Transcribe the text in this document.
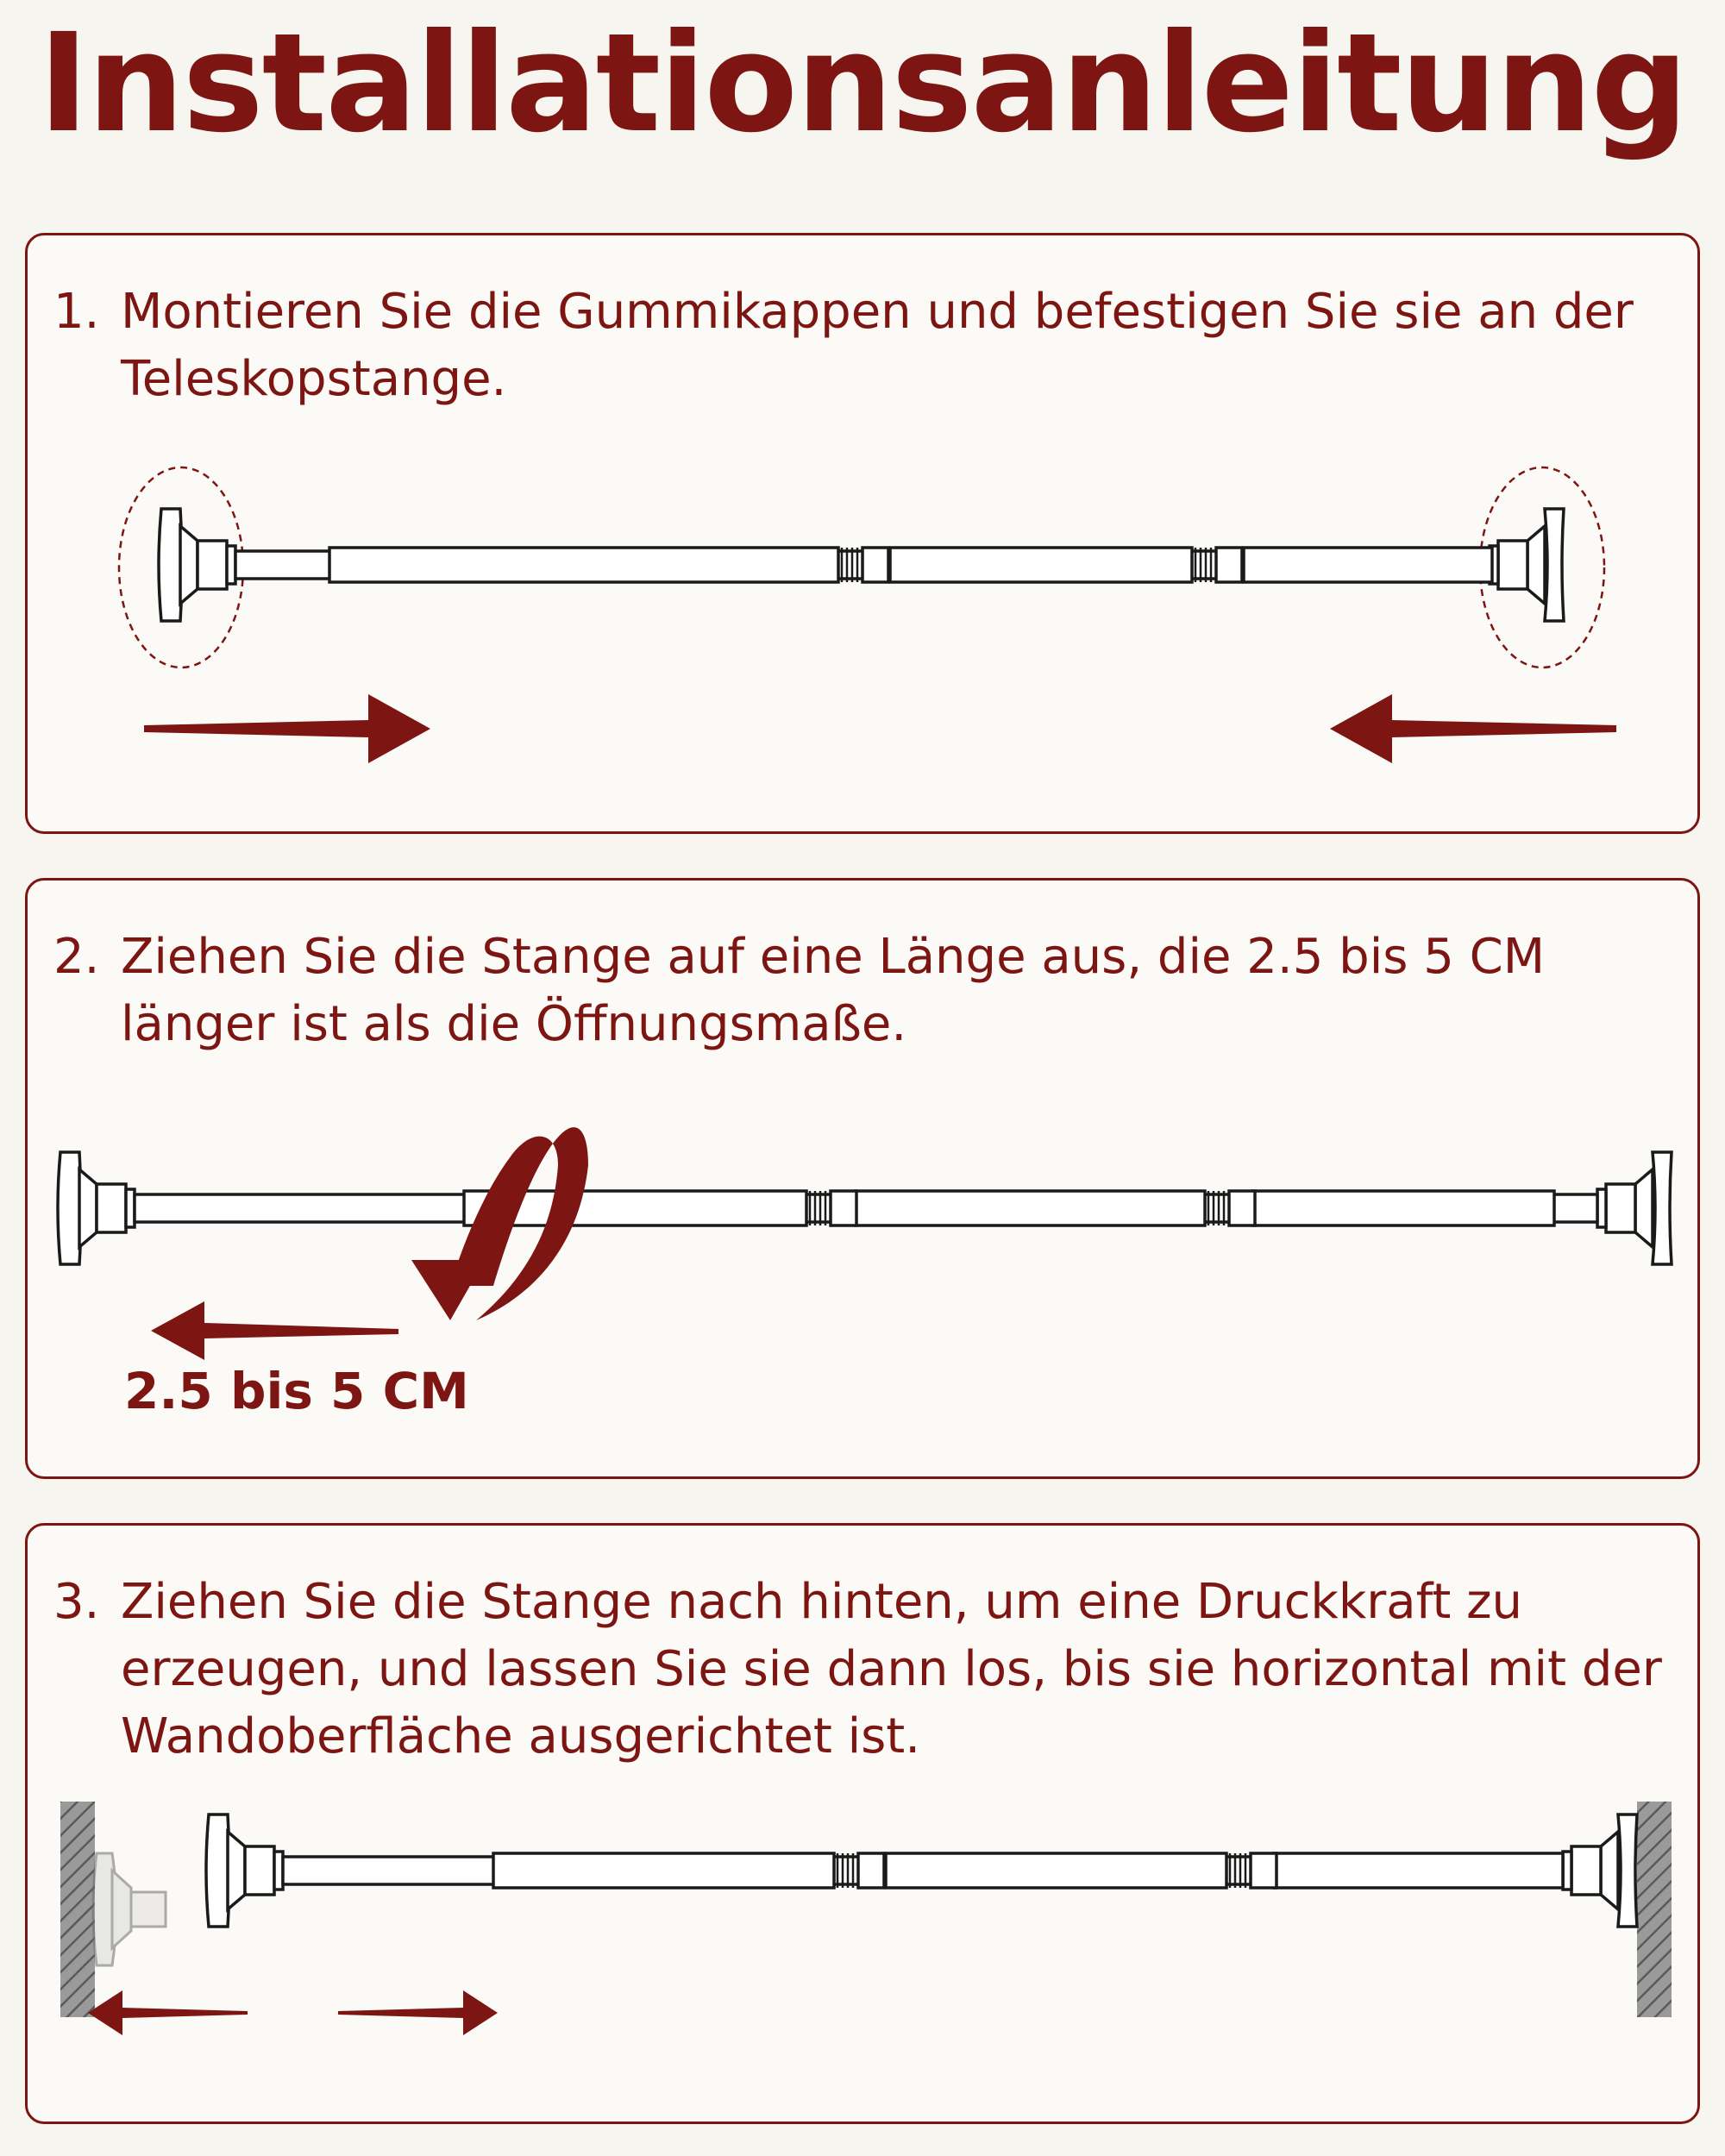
Installationsanleitung
1. Montieren Sie die Gummikappen und befestigen Sie sie an der Teleskopstange.
2. Ziehen Sie die Stange auf eine Länge aus, die 2.5 bis 5 CM länger ist als die Öffnungsmaße.
2.5 bis 5 CM
3. Ziehen Sie die Stange nach hinten, um eine Druckkraft zu erzeugen, und lassen Sie sie dann los, bis sie horizontal mit der Wandoberfläche ausgerichtet ist.
